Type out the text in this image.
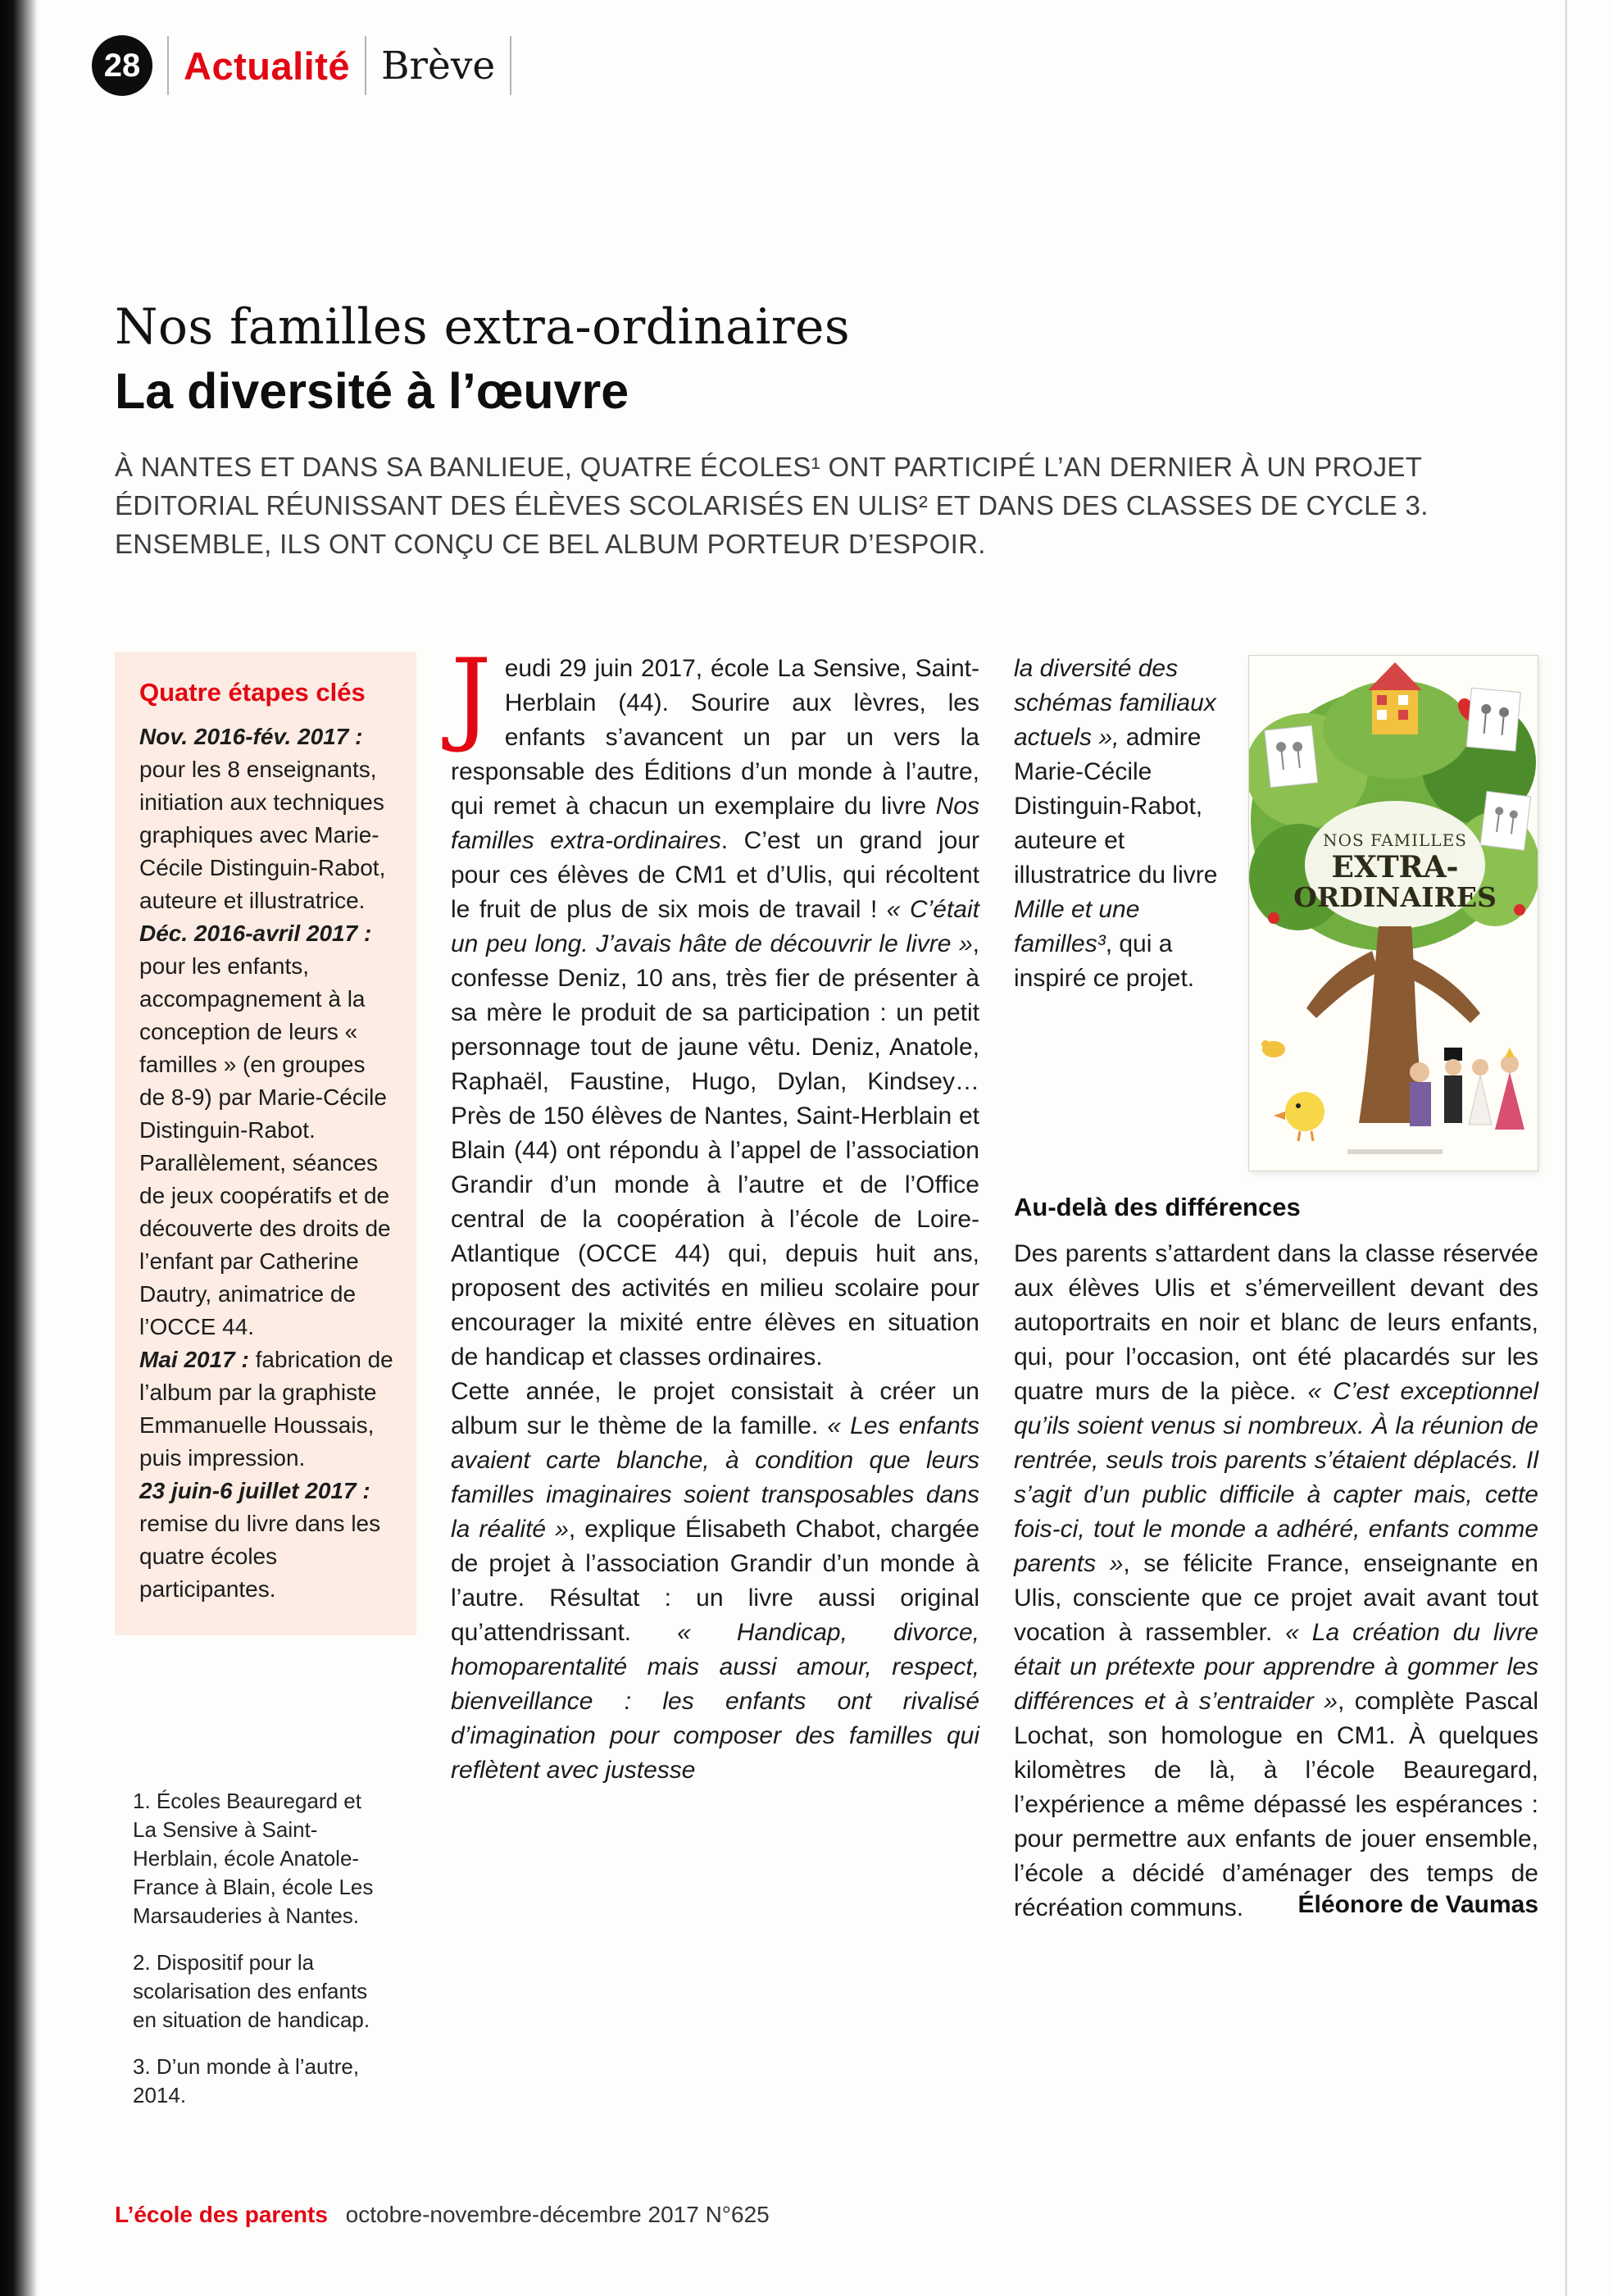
28 Actualité Brève
Nos familles extra-ordinaires
La diversité à l’œuvre

À NANTES ET DANS SA BANLIEUE, QUATRE ÉCOLES¹ ONT PARTICIPÉ L’AN DERNIER À UN PROJET ÉDITORIAL RÉUNISSANT DES ÉLÈVES SCOLARISÉS EN ULIS² ET DANS DES CLASSES DE CYCLE 3. ENSEMBLE, ILS ONT CONÇU CE BEL ALBUM PORTEUR D’ESPOIR.

Quatre étapes clés

Nov. 2016-fév. 2017 : pour les 8 enseignants, initiation aux techniques graphiques avec Marie-Cécile Distinguin-Rabot, auteure et illustratrice.

Déc. 2016-avril 2017 : pour les enfants, accompagnement à la conception de leurs « familles » (en groupes de 8-9) par Marie-Cécile Distinguin-Rabot. Parallèlement, séances de jeux coopératifs et de découverte des droits de l’enfant par Catherine Dautry, animatrice de l’OCCE 44.

Mai 2017 : fabrication de l’album par la graphiste Emmanuelle Houssais, puis impression.

23 juin-6 juillet 2017 : remise du livre dans les quatre écoles participantes.

1. Écoles Beauregard et La Sensive à Saint-Herblain, école Anatole-France à Blain, école Les Marsauderies à Nantes.

2. Dispositif pour la scolarisation des enfants en situation de handicap.

3. D’un monde à l’autre, 2014.

Jeudi 29 juin 2017, école La Sensive, Saint-Herblain (44). Sourire aux lèvres, les enfants s’avancent un par un vers la responsable des Éditions d’un monde à l’autre, qui remet à chacun un exemplaire du livre Nos familles extra-ordinaires. C’est un grand jour pour ces élèves de CM1 et d’Ulis, qui récoltent le fruit de plus de six mois de travail ! « C’était un peu long. J’avais hâte de découvrir le livre », confesse Deniz, 10 ans, très fier de présenter à sa mère le produit de sa participation : un petit personnage tout de jaune vêtu. Deniz, Anatole, Raphaël, Faustine, Hugo, Dylan, Kindsey… Près de 150 élèves de Nantes, Saint-Herblain et Blain (44) ont répondu à l’appel de l’association Grandir d’un monde à l’autre et de l’Office central de la coopération à l’école de Loire-Atlantique (OCCE 44) qui, depuis huit ans, proposent des activités en milieu scolaire pour encourager la mixité entre élèves en situation de handicap et classes ordinaires.

Cette année, le projet consistait à créer un album sur le thème de la famille. « Les enfants avaient carte blanche, à condition que leurs familles imaginaires soient transposables dans la réalité », explique Élisabeth Chabot, chargée de projet à l’association Grandir d’un monde à l’autre. Résultat : un livre aussi original qu’attendrissant. « Handicap, divorce, homoparentalité mais aussi amour, respect, bienveillance : les enfants ont rivalisé d’imagination pour composer des familles qui reflètent avec justesse

NOS FAMILLES
EXTRA-
ORDINAIRES

la diversité des schémas familiaux actuels », admire Marie-Cécile Distinguin-Rabot, auteure et illustratrice du livre Mille et une familles³, qui a inspiré ce projet.

Au-delà des différences

Des parents s’attardent dans la classe réservée aux élèves Ulis et s’émerveillent devant des autoportraits en noir et blanc de leurs enfants, qui, pour l’occasion, ont été placardés sur les quatre murs de la pièce. « C’est exceptionnel qu’ils soient venus si nombreux. À la réunion de rentrée, seuls trois parents s’étaient déplacés. Il s’agit d’un public difficile à capter mais, cette fois-ci, tout le monde a adhéré, enfants comme parents », se félicite France, enseignante en Ulis, consciente que ce projet avait avant tout vocation à rassembler. « La création du livre était un prétexte pour apprendre à gommer les différences et à s’entraider », complète Pascal Lochat, son homologue en CM1. À quelques kilomètres de là, à l’école Beauregard, l’expérience a même dépassé les espérances : pour permettre aux enfants de jouer ensemble, l’école a décidé d’aménager des temps de récréation communs.	Éléonore de Vaumas
L’école des parents octobre-novembre-décembre 2017 N°625
